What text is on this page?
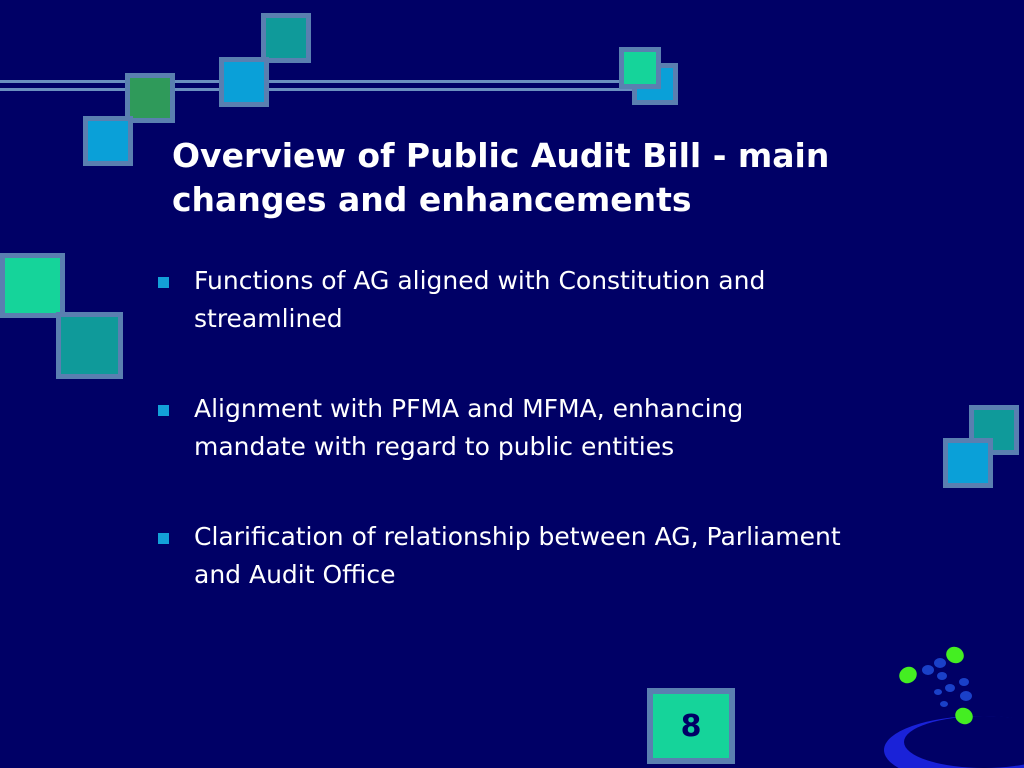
Overview of Public Audit Bill - main
changes and enhancements
Functions of AG aligned with Constitution and
streamlined
Alignment with PFMA and MFMA, enhancing
mandate with regard to public entities
Clarification of relationship between AG, Parliament
and Audit Office
8
